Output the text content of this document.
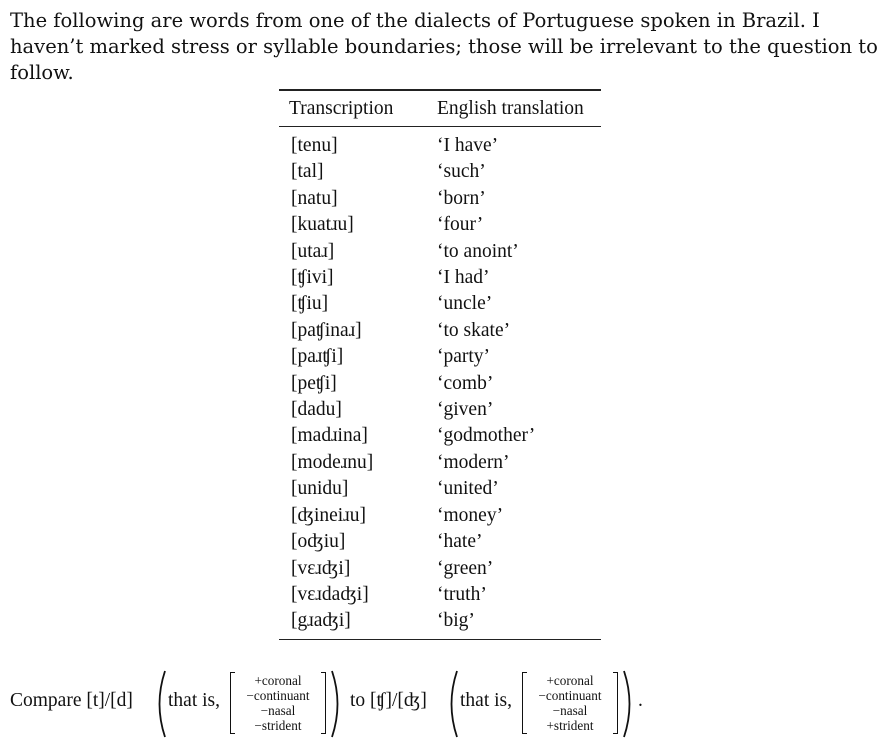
The following are words from one of the dialects of Portuguese spoken in Brazil. I haven’t marked stress or syllable boundaries; those will be irrelevant to the question to follow.

Transcription	English translation
[tenu]	‘I have’
[tal]	‘such’
[natu]	‘born’
[kuatɹu]	‘four’
[utaɹ]	‘to anoint’
[ʧivi]	‘I had’
[ʧiu]	‘uncle’
[paʧinaɹ]	‘to skate’
[paɹʧi]	‘party’
[peʧi]	‘comb’
[dadu]	‘given’
[madɹina]	‘godmother’
[modeɹnu]	‘modern’
[unidu]	‘united’
[ʤineiɹu]	‘money’
[oʤiu]	‘hate’
[vɛɹʤi]	‘green’
[vɛɹdaʤi]	‘truth’
[gɹaʤi]	‘big’
Compare [t]/[d] that is,
+coronal
−continuant
−nasal
−strident
to [ʧ]/[ʤ] that is,
+coronal
−continuant
−nasal
+strident
.
